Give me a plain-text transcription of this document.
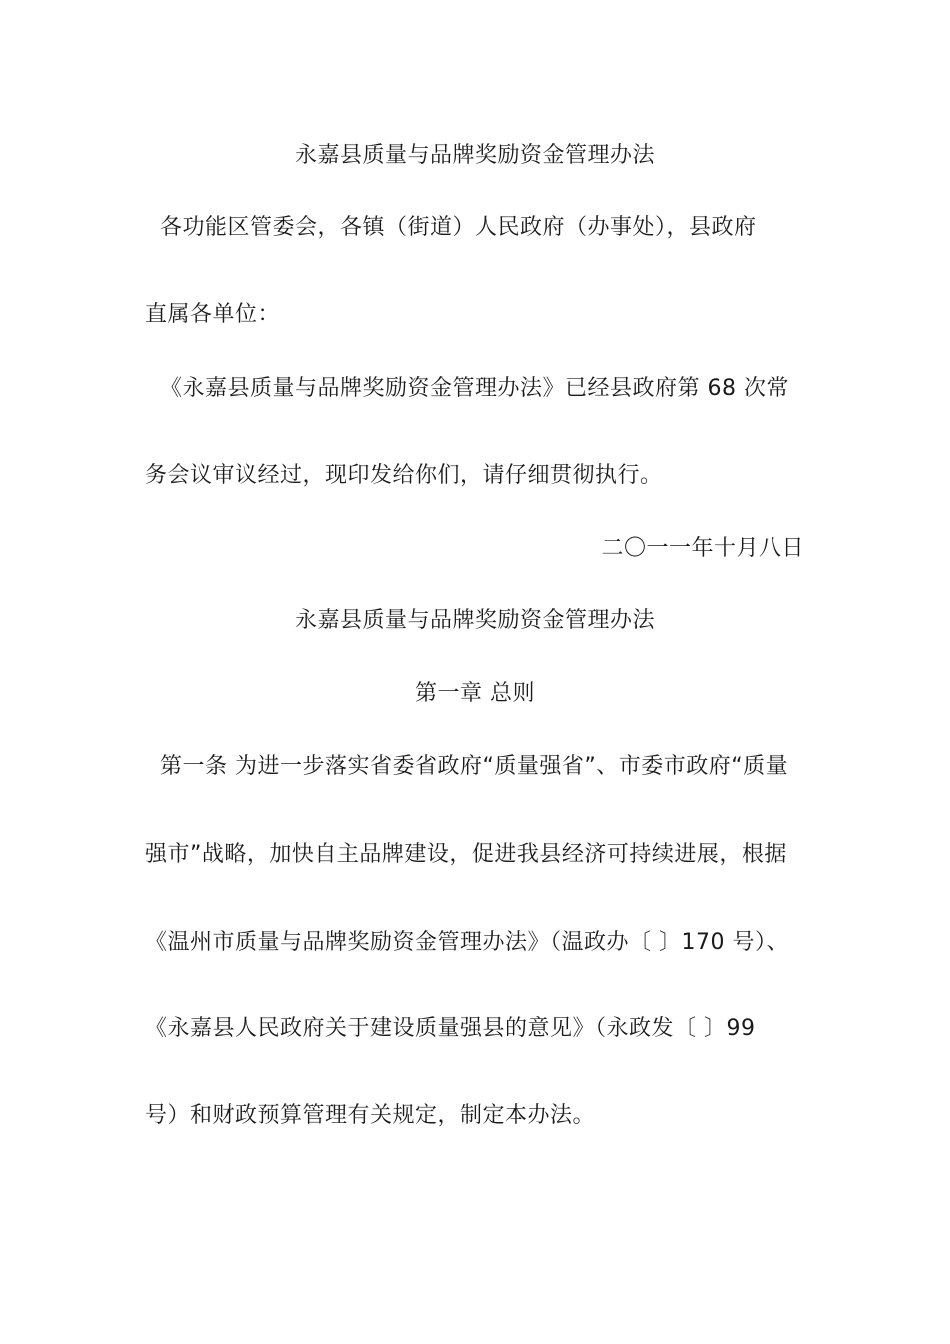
永嘉县质量与品牌奖励资金管理办法
各功能区管委会，各镇（街道）人民政府（办事处），县政府
直属各单位：
《永嘉县质量与品牌奖励资金管理办法》已经县政府第 68 次常
务会议审议经过，现印发给你们，请仔细贯彻执行。
二〇一一年十月八日
永嘉县质量与品牌奖励资金管理办法
第一章 总则
第一条 为进一步落实省委省政府“质量强省”、市委市政府“质量
强市”战略，加快自主品牌建设，促进我县经济可持续进展，根据
《温州市质量与品牌奖励资金管理办法》（温政办〔 〕170 号）、
《永嘉县人民政府关于建设质量强县的意见》（永政发〔 〕99
号）和财政预算管理有关规定，制定本办法。
